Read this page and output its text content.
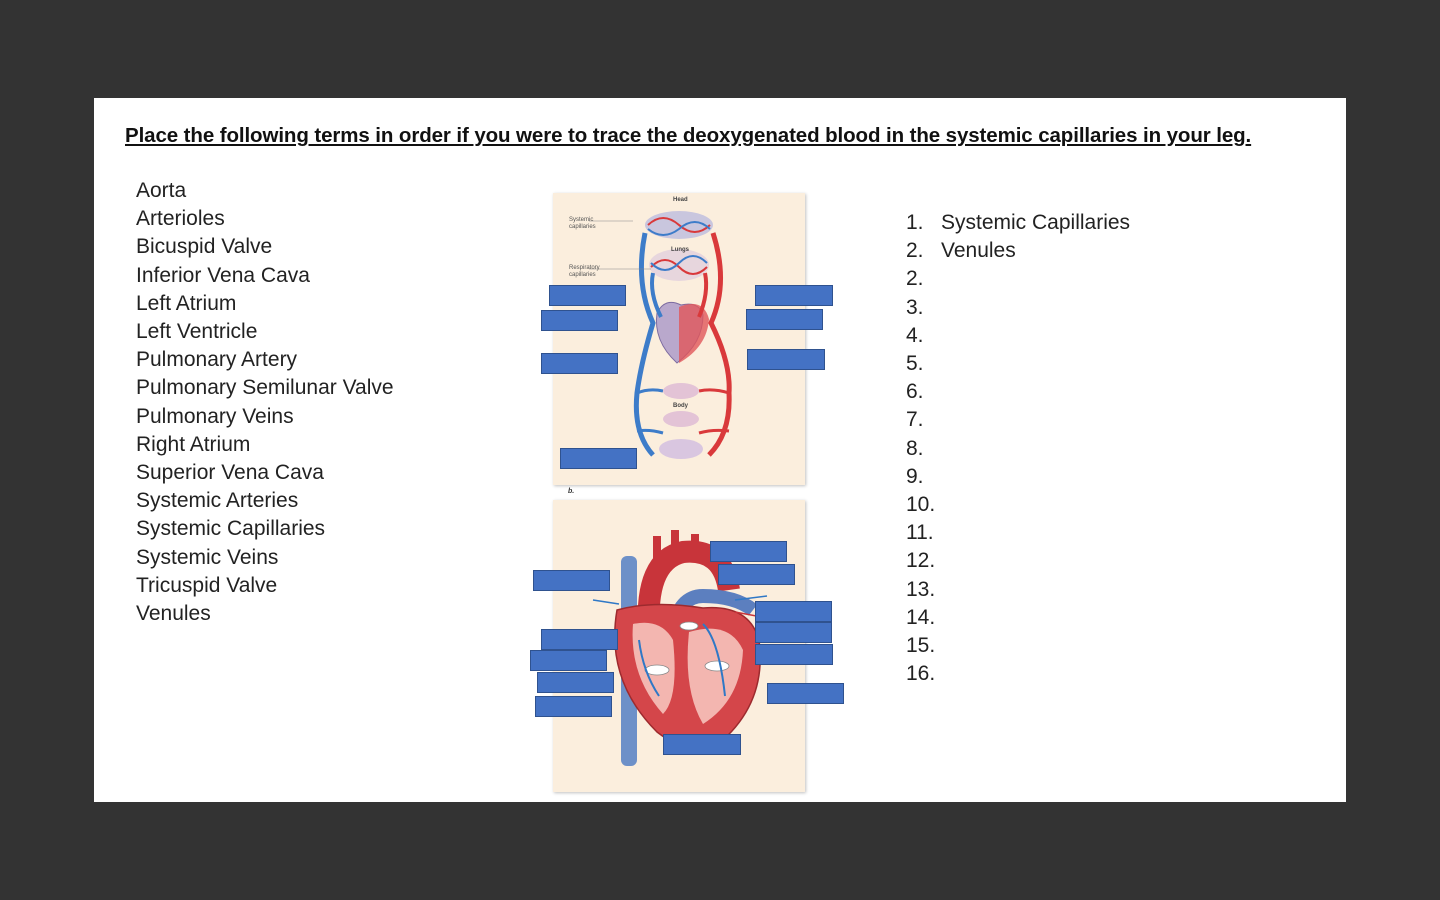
Place the following terms in order if you were to trace the deoxygenated blood in the systemic capillaries in your leg.
Aorta
Arterioles
Bicuspid Valve
Inferior Vena Cava
Left Atrium
Left Ventricle
Pulmonary Artery
Pulmonary Semilunar Valve
Pulmonary Veins
Right Atrium
Superior Vena Cava
Systemic Arteries
Systemic Capillaries
Systemic Veins
Tricuspid Valve
Venules
Head
Lungs
Body
Systemic
capillaries
Respiratory
capillaries
b.
1. Systemic Capillaries
2. Venules
2.
3.
4.
5.
6.
7.
8.
9.
10.
11.
12.
13.
14.
15.
16.
